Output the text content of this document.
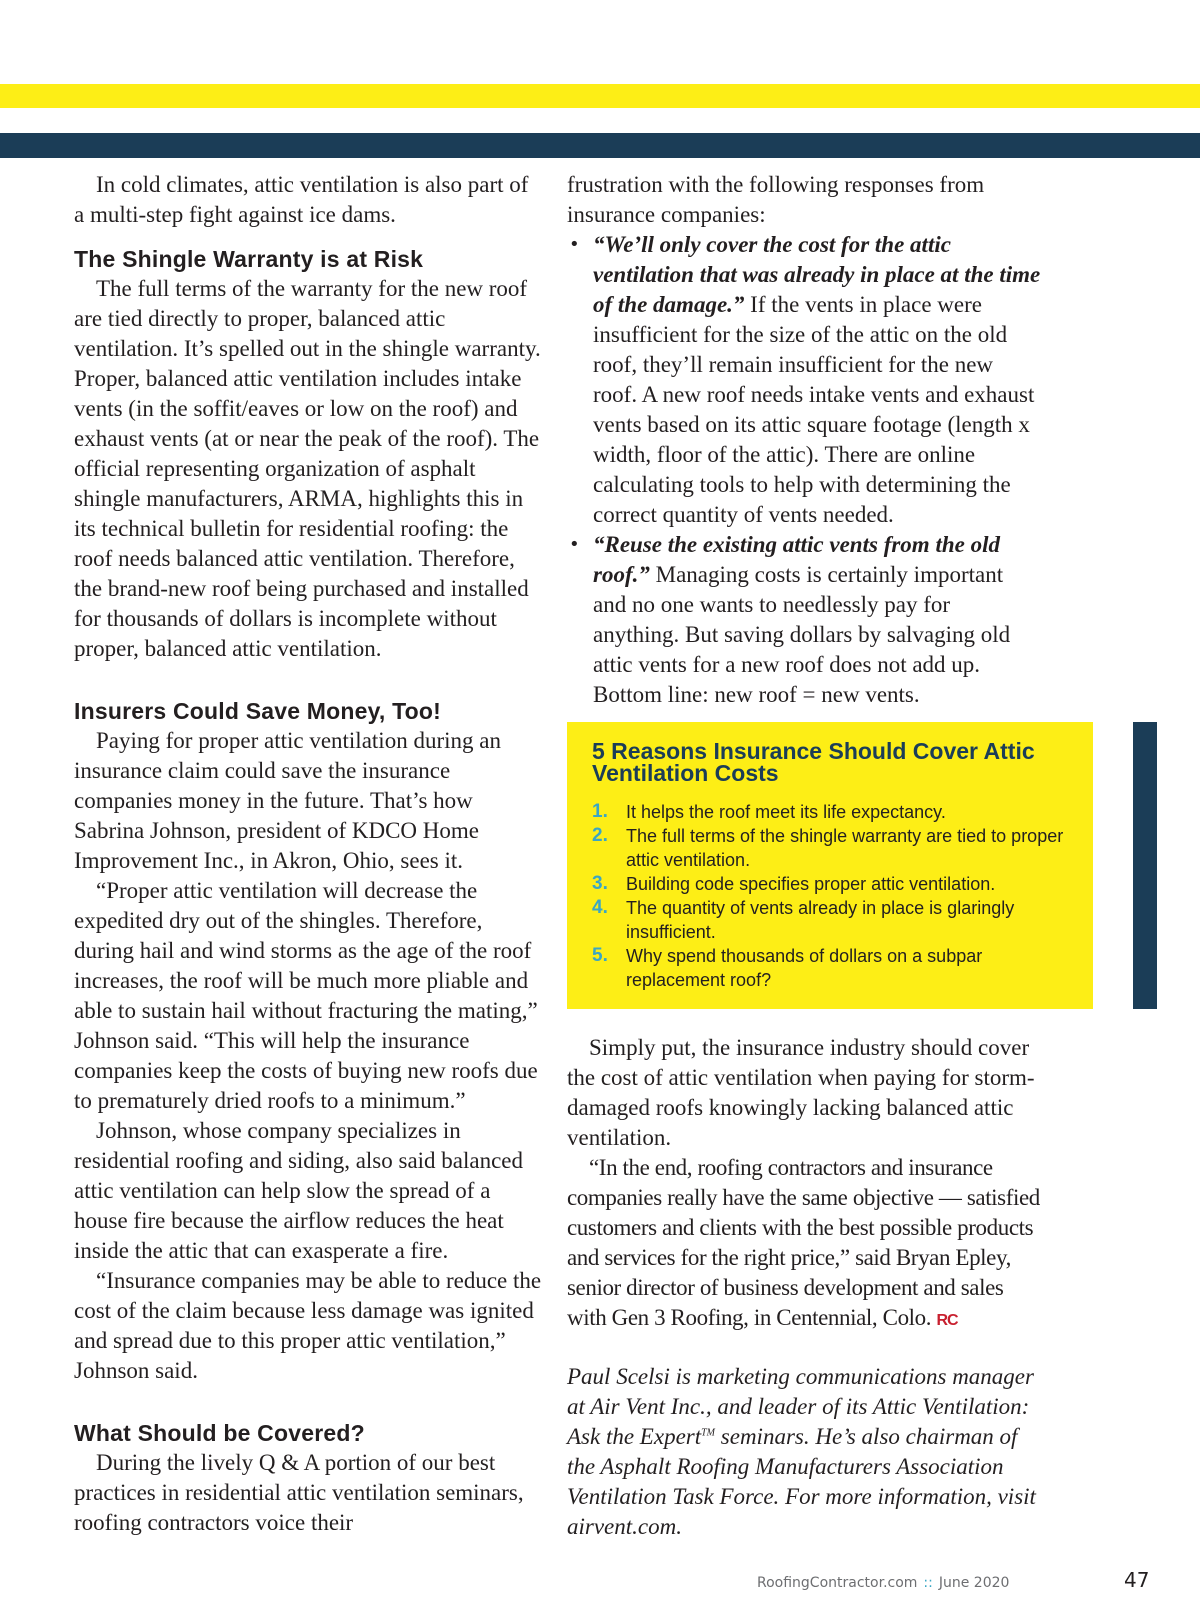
In cold climates, attic ventilation is also part of a multi-step fight against ice dams.

The Shingle Warranty is at Risk

The full terms of the warranty for the new roof are tied directly to proper, balanced attic ventilation. It’s spelled out in the shingle warranty. Proper, balanced attic ventilation includes intake vents (in the soffit/eaves or low on the roof) and exhaust vents (at or near the peak of the roof). The official representing organization of asphalt shingle manufacturers, ARMA, highlights this in its technical bulletin for residential roofing: the roof needs balanced attic ventilation. Therefore, the brand-new roof being purchased and installed for thousands of dollars is incomplete without proper, balanced attic ventilation.

Insurers Could Save Money, Too!

Paying for proper attic ventilation during an insurance claim could save the insurance companies money in the future. That’s how Sabrina Johnson, president of KDCO Home Improvement Inc., in Akron, Ohio, sees it.

“Proper attic ventilation will decrease the expedited dry out of the shingles. Therefore, during hail and wind storms as the age of the roof increases, the roof will be much more pliable and able to sustain hail without fracturing the mating,” Johnson said. “This will help the insurance companies keep the costs of buying new roofs due to prematurely dried roofs to a minimum.”

Johnson, whose company specializes in residential roofing and siding, also said balanced attic ventilation can help slow the spread of a house fire because the airflow reduces the heat inside the attic that can exasperate a fire.

“Insurance companies may be able to reduce the cost of the claim because less damage was ignited and spread due to this proper attic ventilation,” Johnson said.

What Should be Covered?

During the lively Q & A portion of our best practices in residential attic ventilation seminars, roofing contractors voice their

frustration with the following responses from insurance companies:

• “We’ll only cover the cost for the attic ventilation that was already in place at the time of the damage.” If the vents in place were insufficient for the size of the attic on the old roof, they’ll remain insufficient for the new roof. A new roof needs intake vents and exhaust vents based on its attic square footage (length x width, floor of the attic). There are online calculating tools to help with determining the correct quantity of vents needed.
• “Reuse the existing attic vents from the old roof.” Managing costs is certainly important and no one wants to needlessly pay for anything. But saving dollars by salvaging old attic vents for a new roof does not add up. Bottom line: new roof = new vents.
5 Reasons Insurance Should Cover Attic Ventilation Costs
1. It helps the roof meet its life expectancy.
2. The full terms of the shingle warranty are tied to proper attic ventilation.
3. Building code specifies proper attic ventilation.
4. The quantity of vents already in place is glaringly insufficient.
5. Why spend thousands of dollars on a subpar replacement roof?

Simply put, the insurance industry should cover the cost of attic ventilation when paying for storm-damaged roofs knowingly lacking balanced attic ventilation.

“In the end, roofing contractors and insurance companies really have the same objective — satisfied customers and clients with the best possible products and services for the right price,” said Bryan Epley, senior director of business development and sales with Gen 3 Roofing, in Centennial, Colo. RC

Paul Scelsi is marketing communications manager at Air Vent Inc., and leader of its Attic Ventilation: Ask the Expert™ seminars. He’s also chairman of the Asphalt Roofing Manufacturers Association Ventilation Task Force. For more information, visit airvent.com.

RoofingContractor.com :: June 2020	47
